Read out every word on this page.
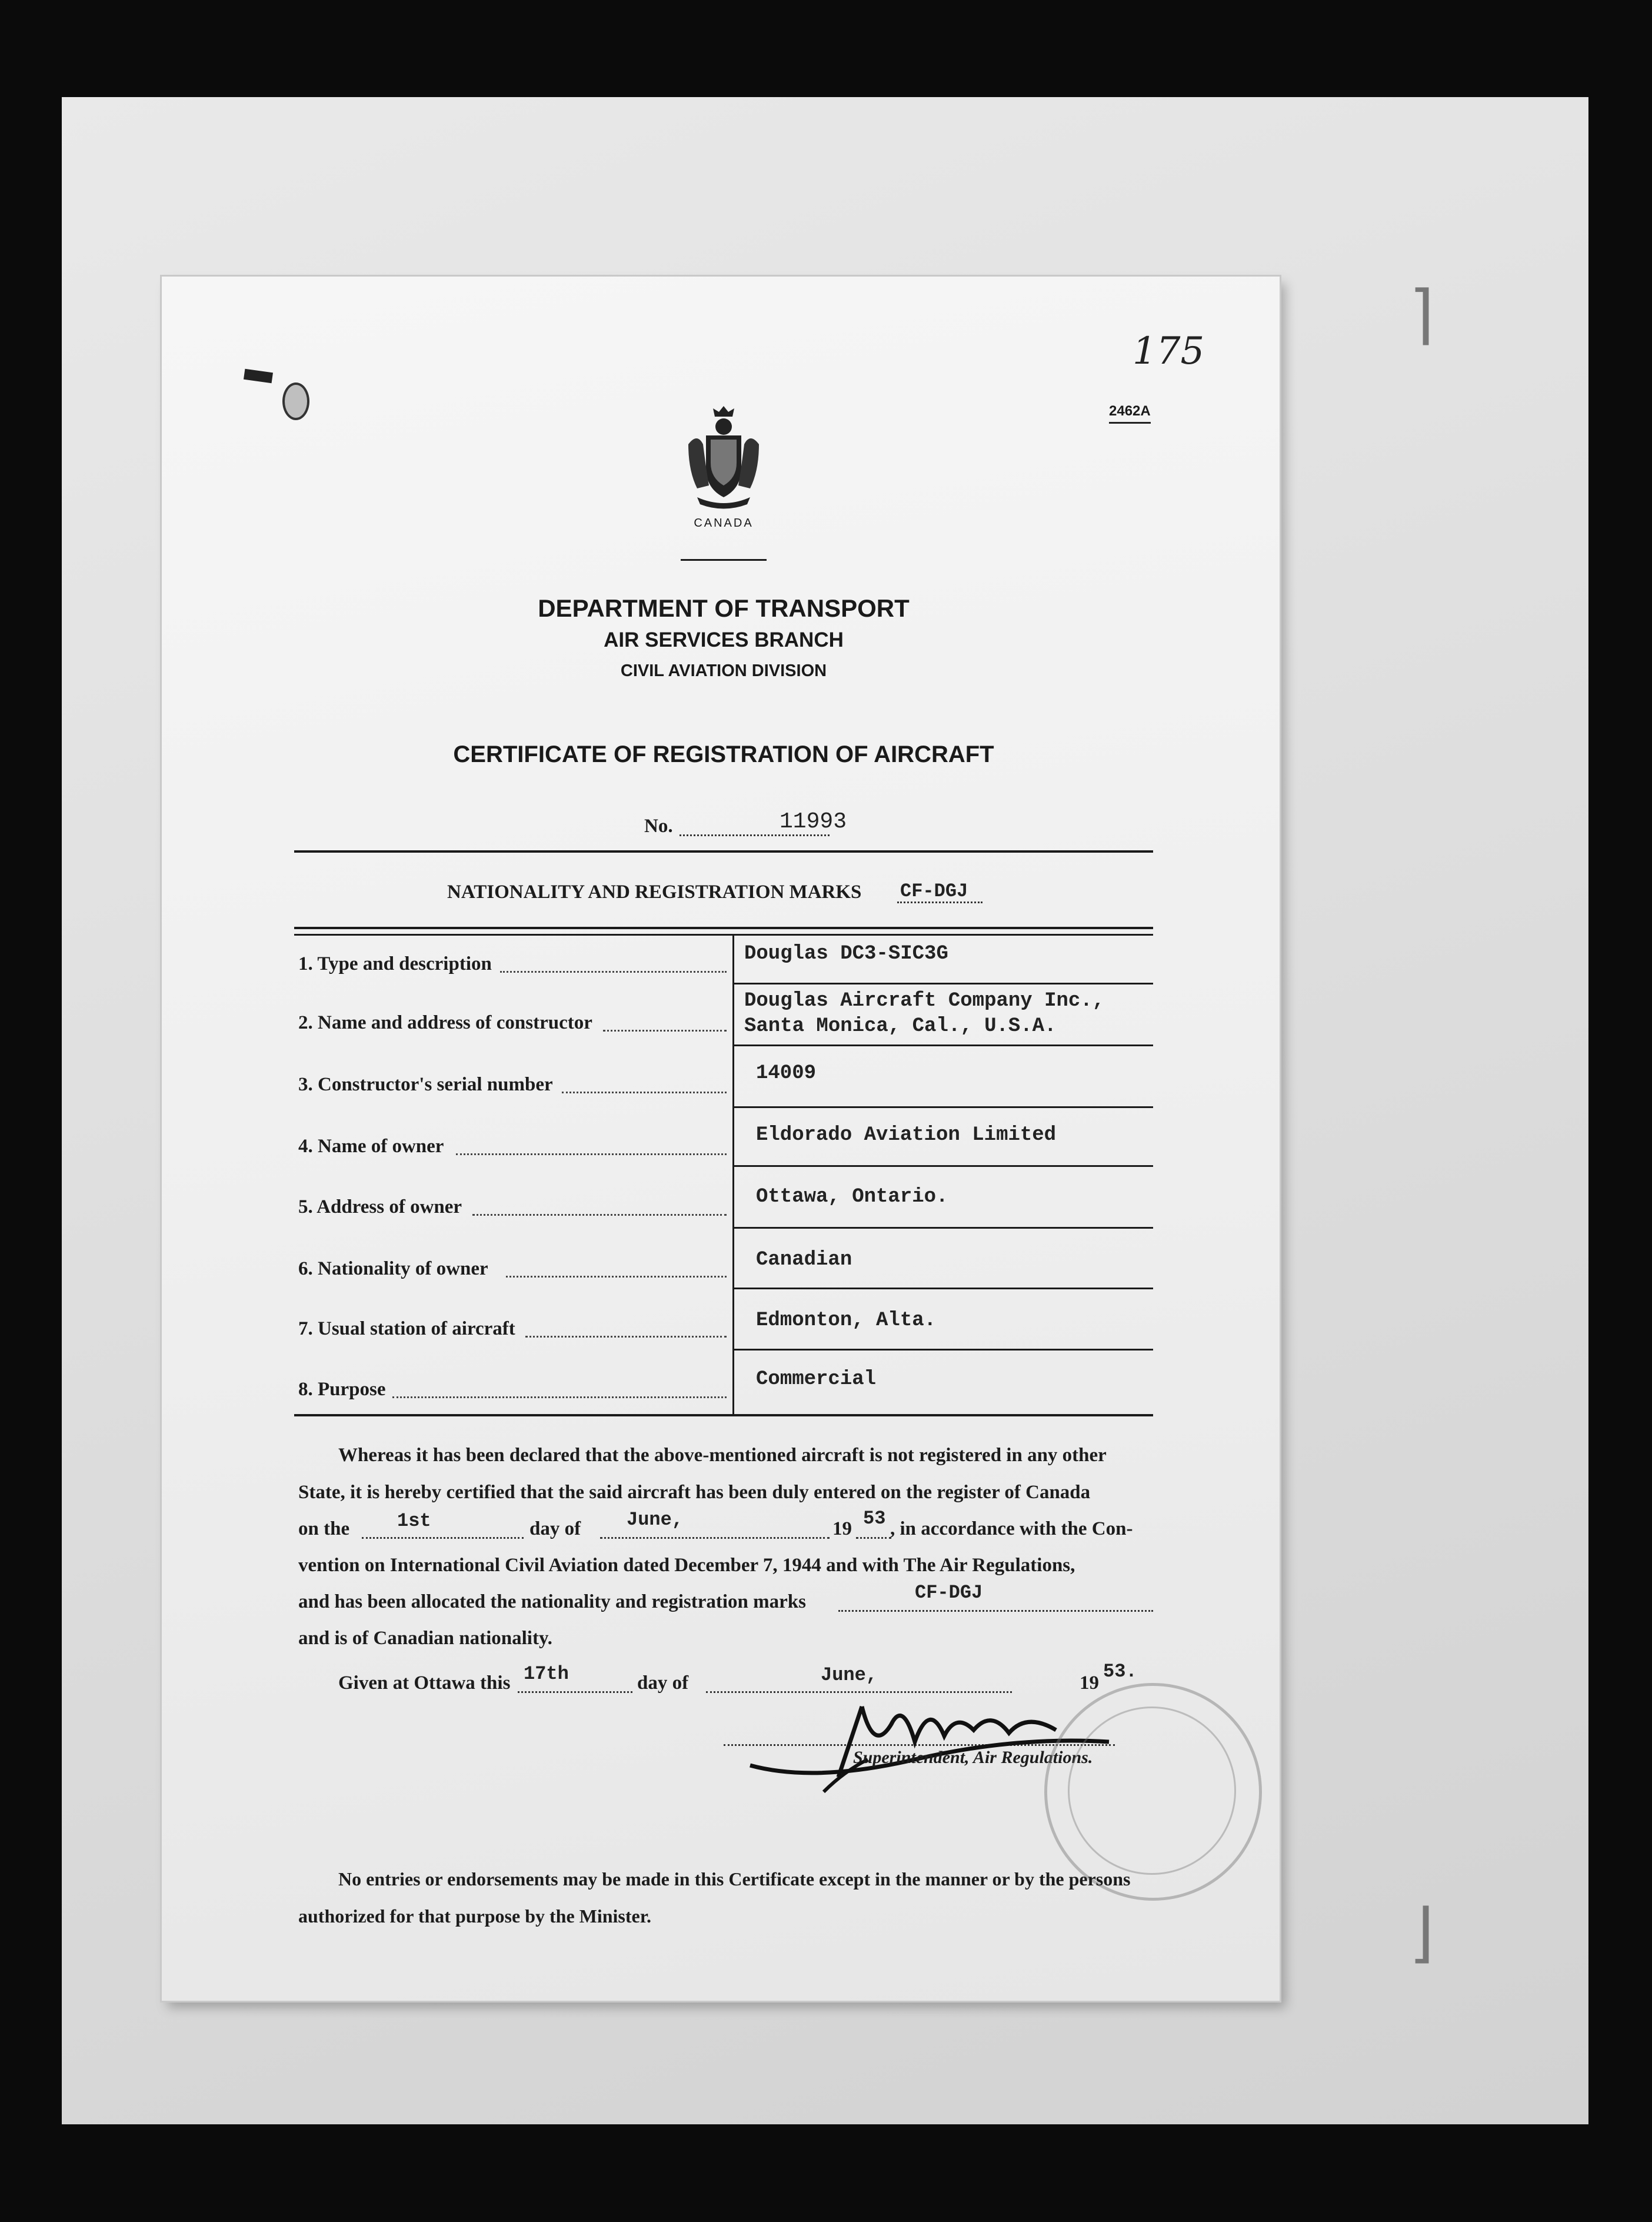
⌉
⌋
175
2462A
CANADA
DEPARTMENT OF TRANSPORT
AIR SERVICES BRANCH
CIVIL AVIATION DIVISION
CERTIFICATE OF REGISTRATION OF AIRCRAFT
No.	11993
NATIONALITY AND REGISTRATION MARKS CF-DGJ
1. Type and description	Douglas DC3-SIC3G
2. Name and address of constructor
Douglas Aircraft Company Inc.,
Santa Monica, Cal., U.S.A.
3. Constructor's serial number	14009
4. Name of owner	Eldorado Aviation Limited
5. Address of owner	Ottawa, Ontario.
6. Nationality of owner	Canadian
7. Usual station of aircraft	Edmonton, Alta.
8. Purpose	Commercial
Whereas it has been declared that the above-mentioned aircraft is not registered in any other
State, it is hereby certified that the said aircraft has been duly entered on the register of Canada
on the	1st	day of June,	19 53 , in accordance with the Con-
vention on International Civil Aviation dated December 7, 1944 and with The Air Regulations,
and has been allocated the nationality and registration marks	CF-DGJ
and is of Canadian nationality.
Given at Ottawa this 17th	day of	June,	19
53.
Superintendent, Air Regulations.
No entries or endorsements may be made in this Certificate except in the manner or by the persons
authorized for that purpose by the Minister.
